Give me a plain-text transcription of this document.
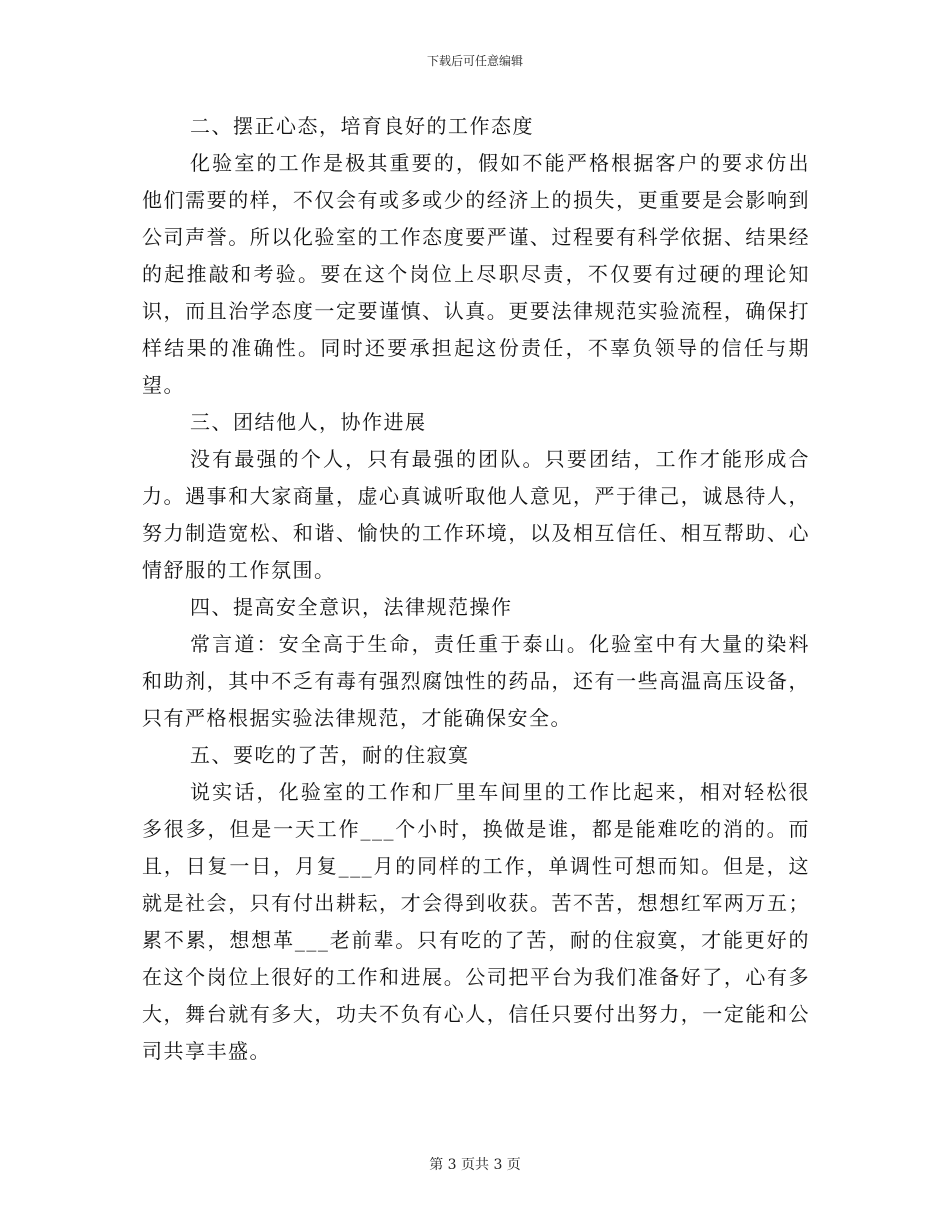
下载后可任意编辑

二、摆正心态，培育良好的工作态度

化验室的工作是极其重要的，假如不能严格根据客户的要求仿出他们需要的样，不仅会有或多或少的经济上的损失，更重要是会影响到公司声誉。所以化验室的工作态度要严谨、过程要有科学依据、结果经的起推敲和考验。要在这个岗位上尽职尽责，不仅要有过硬的理论知识，而且治学态度一定要谨慎、认真。更要法律规范实验流程，确保打样结果的准确性。同时还要承担起这份责任，不辜负领导的信任与期望。

三、团结他人，协作进展

没有最强的个人，只有最强的团队。只要团结，工作才能形成合力。遇事和大家商量，虚心真诚听取他人意见，严于律己，诚恳待人，努力制造宽松、和谐、愉快的工作环境，以及相互信任、相互帮助、心情舒服的工作氛围。

四、提高安全意识，法律规范操作

常言道：安全高于生命，责任重于泰山。化验室中有大量的染料和助剂，其中不乏有毒有强烈腐蚀性的药品，还有一些高温高压设备，只有严格根据实验法律规范，才能确保安全。

五、要吃的了苦，耐的住寂寞

说实话，化验室的工作和厂里车间里的工作比起来，相对轻松很多很多，但是一天工作___个小时，换做是谁，都是能难吃的消的。而且，日复一日，月复___月的同样的工作，单调性可想而知。但是，这就是社会，只有付出耕耘，才会得到收获。苦不苦，想想红军两万五；累不累，想想革___老前辈。只有吃的了苦，耐的住寂寞，才能更好的在这个岗位上很好的工作和进展。公司把平台为我们准备好了，心有多大，舞台就有多大，功夫不负有心人，信任只要付出努力，一定能和公司共享丰盛。

第 3 页共 3 页
